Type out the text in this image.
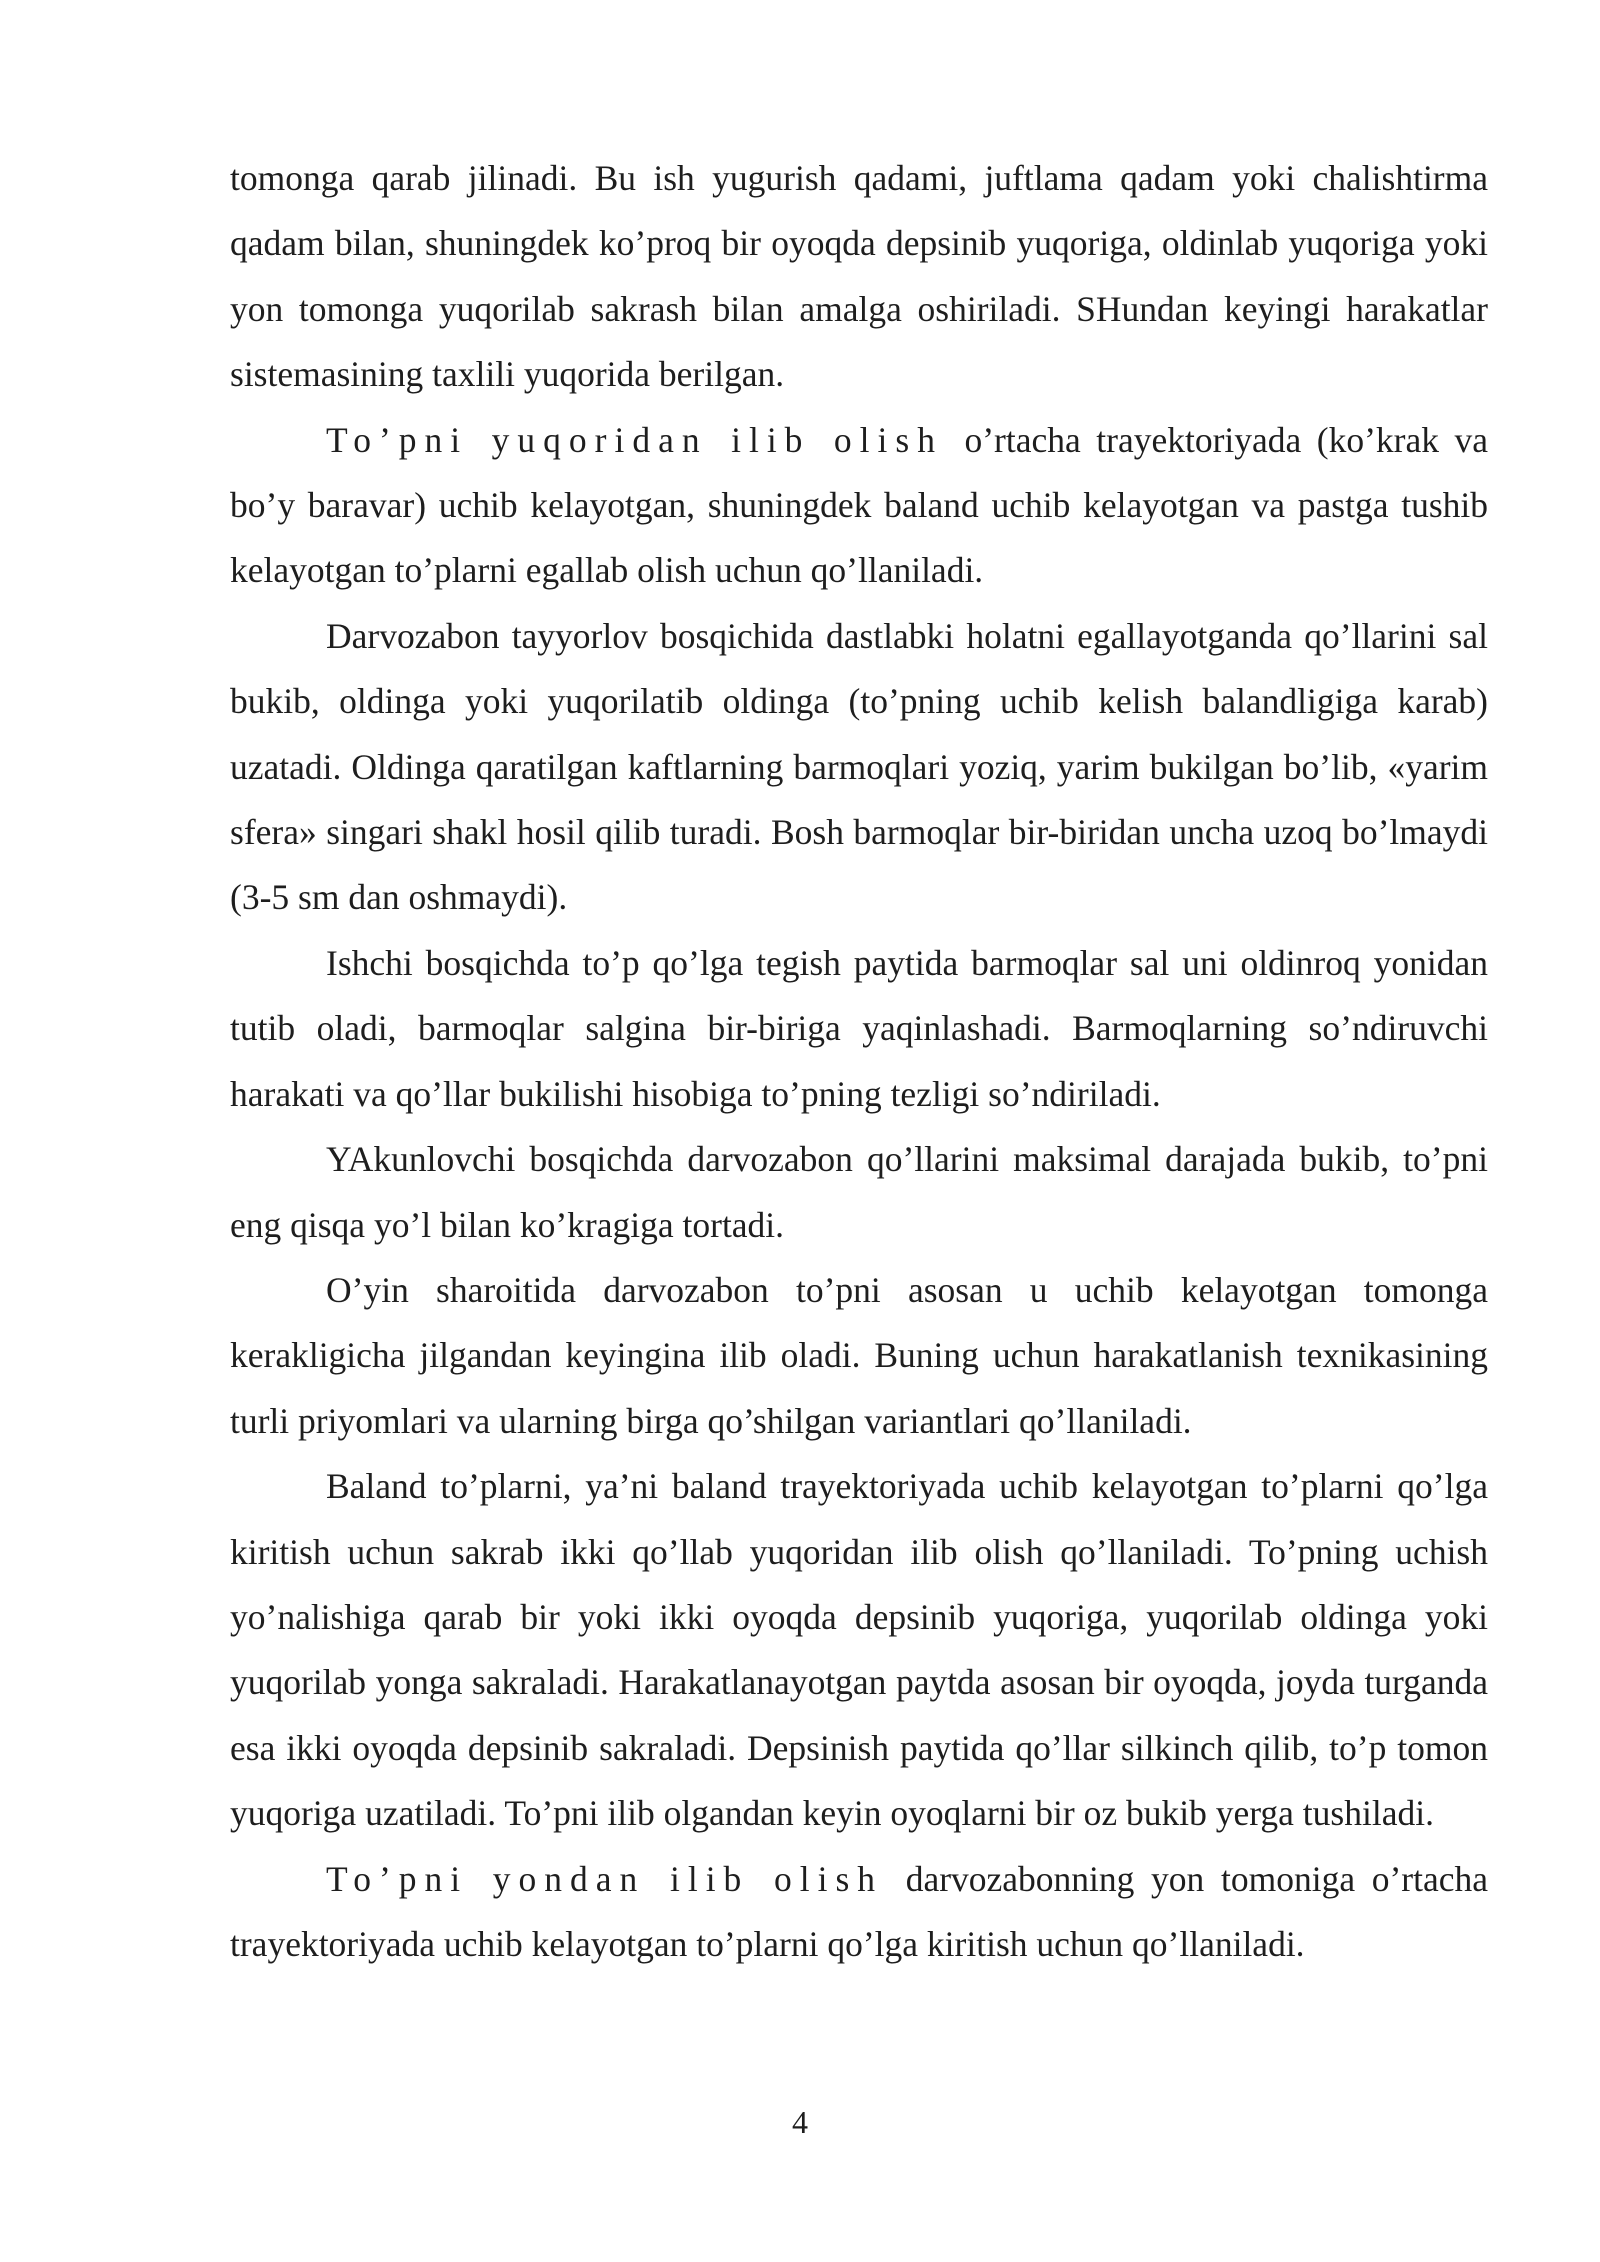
tomonga qarab jilinadi. Bu ish yugurish qadami, juftlama qadam yoki chalishtirma qadam bilan, shuningdek ko’proq bir oyoqda depsinib yuqoriga, oldinlab yuqoriga yoki yon tomonga yuqorilab sakrash bilan amalga oshiriladi. SHundan keyingi harakatlar sistemasining taxlili yuqorida berilgan.

To’pni yuqoridan ilib olish o’rtacha trayektoriyada (ko’krak va bo’y baravar) uchib kelayotgan, shuningdek baland uchib kelayotgan va pastga tushib kelayotgan to’plarni egallab olish uchun qo’llaniladi.

Darvozabon tayyorlov bosqichida dastlabki holatni egallayotganda qo’llarini sal bukib, oldinga yoki yuqorilatib oldinga (to’pning uchib kelish balandligiga karab) uzatadi. Oldinga qaratilgan kaftlarning barmoqlari yoziq, yarim bukilgan bo’lib, «yarim sfera» singari shakl hosil qilib turadi. Bosh barmoqlar bir-biridan uncha uzoq bo’lmaydi (3-5 sm dan oshmaydi).

Ishchi bosqichda to’p qo’lga tegish paytida barmoqlar sal uni oldinroq yonidan tutib oladi, barmoqlar salgina bir-biriga yaqinlashadi. Barmoqlarning so’ndiruvchi harakati va qo’llar bukilishi hisobiga to’pning tezligi so’ndiriladi.

YAkunlovchi bosqichda darvozabon qo’llarini maksimal darajada bukib, to’pni eng qisqa yo’l bilan ko’kragiga tortadi.

O’yin sharoitida darvozabon to’pni asosan u uchib kelayotgan tomonga kerakligicha jilgandan keyingina ilib oladi. Buning uchun harakatlanish texnikasining turli priyomlari va ularning birga qo’shilgan variantlari qo’llaniladi.

Baland to’plarni, ya’ni baland trayektoriyada uchib kelayotgan to’plarni qo’lga kiritish uchun sakrab ikki qo’llab yuqoridan ilib olish qo’llaniladi. To’pning uchish yo’nalishiga qarab bir yoki ikki oyoqda depsinib yuqoriga, yuqorilab oldinga yoki yuqorilab yonga sakraladi. Harakatlanayotgan paytda asosan bir oyoqda, joyda turganda esa ikki oyoqda depsinib sakraladi. Depsinish paytida qo’llar silkinch qilib, to’p tomon yuqoriga uzatiladi. To’pni ilib olgandan keyin oyoqlarni bir oz bukib yerga tushiladi.

To’pni yondan ilib olish darvozabonning yon tomoniga o’rtacha trayektoriyada uchib kelayotgan to’plarni qo’lga kiritish uchun qo’llaniladi.

4
